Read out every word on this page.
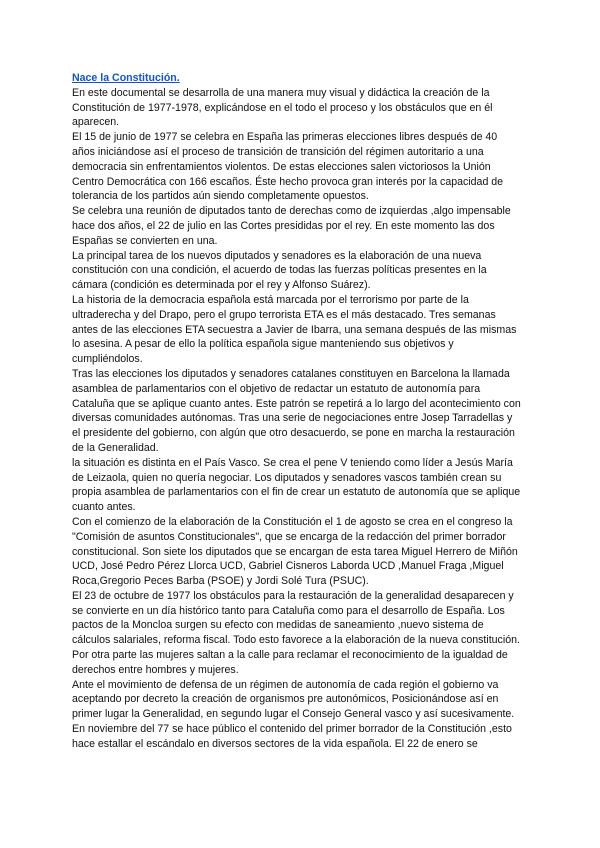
Nace la Constitución.

En este documental se desarrolla de una manera muy visual y didáctica la creación de la Constitución de 1977-1978, explicándose en el todo el proceso y los obstáculos que en él aparecen.

El 15 de junio de 1977 se celebra en España las primeras elecciones libres después de 40 años iniciándose así el proceso de transición de transición del régimen autoritario a una democracia sin enfrentamientos violentos. De estas elecciones salen victoriosos la Unión Centro Democrática con 166 escaños. Éste hecho provoca gran interés por la capacidad de tolerancia de los partidos aún siendo completamente opuestos.

Se celebra una reunión de diputados tanto de derechas como de izquierdas ,algo impensable hace dos años, el 22 de julio en las Cortes presididas por el rey. En este momento las dos Españas se convierten en una.

La principal tarea de los nuevos diputados y senadores es la elaboración de una nueva constitución con una condición, el acuerdo de todas las fuerzas políticas presentes en la cámara (condición es determinada por el rey y Alfonso Suárez).

La historia de la democracia española está marcada por el terrorismo por parte de la ultraderecha y del Drapo, pero el grupo terrorista ETA es el más destacado. Tres semanas antes de las elecciones ETA secuestra a Javier de Ibarra, una semana después de las mismas lo asesina. A pesar de ello la política española sigue manteniendo sus objetivos y cumpliéndolos.

Tras las elecciones los diputados y senadores catalanes constituyen en Barcelona la llamada asamblea de parlamentarios con el objetivo de redactar un estatuto de autonomía para Cataluña que se aplique cuanto antes. Este patrón se repetirá a lo largo del acontecimiento con diversas comunidades autónomas. Tras una serie de negociaciones entre Josep Tarradellas y el presidente del gobierno, con algún que otro desacuerdo, se pone en marcha la restauración de la Generalidad.

la situación es distinta en el País Vasco. Se crea el pene V teniendo como líder a Jesús María de Leizaola, quien no quería negociar. Los diputados y senadores vascos también crean su propia asamblea de parlamentarios con el fin de crear un estatuto de autonomía que se aplique cuanto antes.

Con el comienzo de la elaboración de la Constitución el 1 de agosto se crea en el congreso la "Comisión de asuntos Constitucionales", que se encarga de la redacción del primer borrador constitucional. Son siete los diputados que se encargan de esta tarea Miguel Herrero de Miñón UCD, José Pedro Pérez Llorca UCD, Gabriel Cisneros Laborda UCD ,Manuel Fraga ,Miguel Roca,Gregorio Peces Barba (PSOE) y Jordi Solé Tura (PSUC).

El 23 de octubre de 1977 los obstáculos para la restauración de la generalidad desaparecen y se convierte en un día histórico tanto para Cataluña como para el desarrollo de España. Los pactos de la Moncloa surgen su efecto con medidas de saneamiento ,nuevo sistema de cálculos salariales, reforma fiscal. Todo esto favorece a la elaboración de la nueva constitución.

Por otra parte las mujeres saltan a la calle para reclamar el reconocimiento de la igualdad de derechos entre hombres y mujeres.

Ante el movimiento de defensa de un régimen de autonomía de cada región el gobierno va aceptando por decreto la creación de organismos pre autonómicos, Posicionándose así en primer lugar la Generalidad, en segundo lugar el Consejo General vasco y así sucesivamente.

En noviembre del 77 se hace público el contenido del primer borrador de la Constitución ,esto hace estallar el escándalo en diversos sectores de la vida española. El 22 de enero se
